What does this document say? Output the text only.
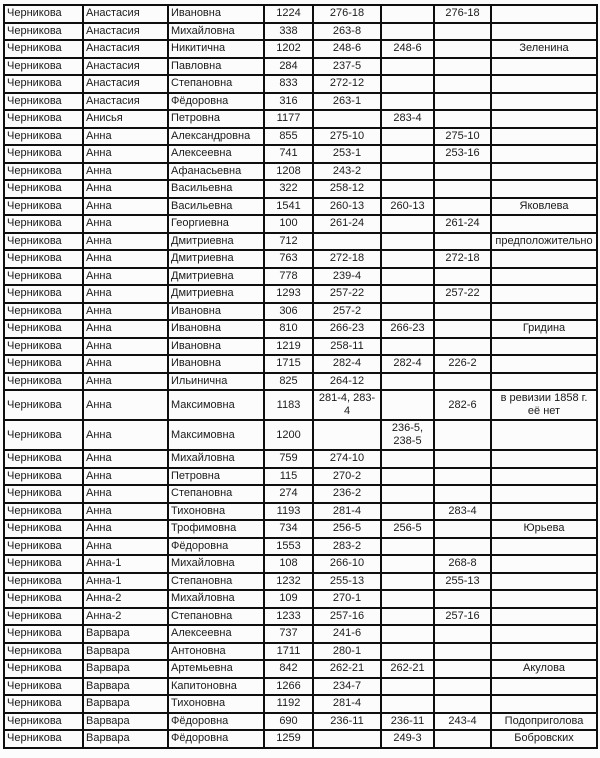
Черникова	Анастасия	Ивановна	1224	276-18		276-18	
Черникова	Анастасия	Михайловна	338	263-8			
Черникова	Анастасия	Никитична	1202	248-6	248-6		Зеленина
Черникова	Анастасия	Павловна	284	237-5			
Черникова	Анастасия	Степановна	833	272-12			
Черникова	Анастасия	Фёдоровна	316	263-1			
Черникова	Анисья	Петровна	1177		283-4		
Черникова	Анна	Александровна	855	275-10		275-10	
Черникова	Анна	Алексеевна	741	253-1		253-16	
Черникова	Анна	Афанасьевна	1208	243-2			
Черникова	Анна	Васильевна	322	258-12			
Черникова	Анна	Васильевна	1541	260-13	260-13		Яковлева
Черникова	Анна	Георгиевна	100	261-24		261-24	
Черникова	Анна	Дмитриевна	712				предположительно
Черникова	Анна	Дмитриевна	763	272-18		272-18	
Черникова	Анна	Дмитриевна	778	239-4			
Черникова	Анна	Дмитриевна	1293	257-22		257-22	
Черникова	Анна	Ивановна	306	257-2			
Черникова	Анна	Ивановна	810	266-23	266-23		Гридина
Черникова	Анна	Ивановна	1219	258-11			
Черникова	Анна	Ивановна	1715	282-4	282-4	226-2	
Черникова	Анна	Ильинична	825	264-12			
Черникова	Анна	Максимовна	1183	281-4, 283-4		282-6	в ревизии 1858 г. её нет
Черникова	Анна	Максимовна	1200		236-5, 238-5		
Черникова	Анна	Михайловна	759	274-10			
Черникова	Анна	Петровна	115	270-2			
Черникова	Анна	Степановна	274	236-2			
Черникова	Анна	Тихоновна	1193	281-4		283-4	
Черникова	Анна	Трофимовна	734	256-5	256-5		Юрьева
Черникова	Анна	Фёдоровна	1553	283-2			
Черникова	Анна-1	Михайловна	108	266-10		268-8	
Черникова	Анна-1	Степановна	1232	255-13		255-13	
Черникова	Анна-2	Михайловна	109	270-1			
Черникова	Анна-2	Степановна	1233	257-16		257-16	
Черникова	Варвара	Алексеевна	737	241-6			
Черникова	Варвара	Антоновна	1711	280-1			
Черникова	Варвара	Артемьевна	842	262-21	262-21		Акулова
Черникова	Варвара	Капитоновна	1266	234-7			
Черникова	Варвара	Тихоновна	1192	281-4			
Черникова	Варвара	Фёдоровна	690	236-11	236-11	243-4	Подоприголова
Черникова	Варвара	Фёдоровна	1259		249-3		Бобровских
